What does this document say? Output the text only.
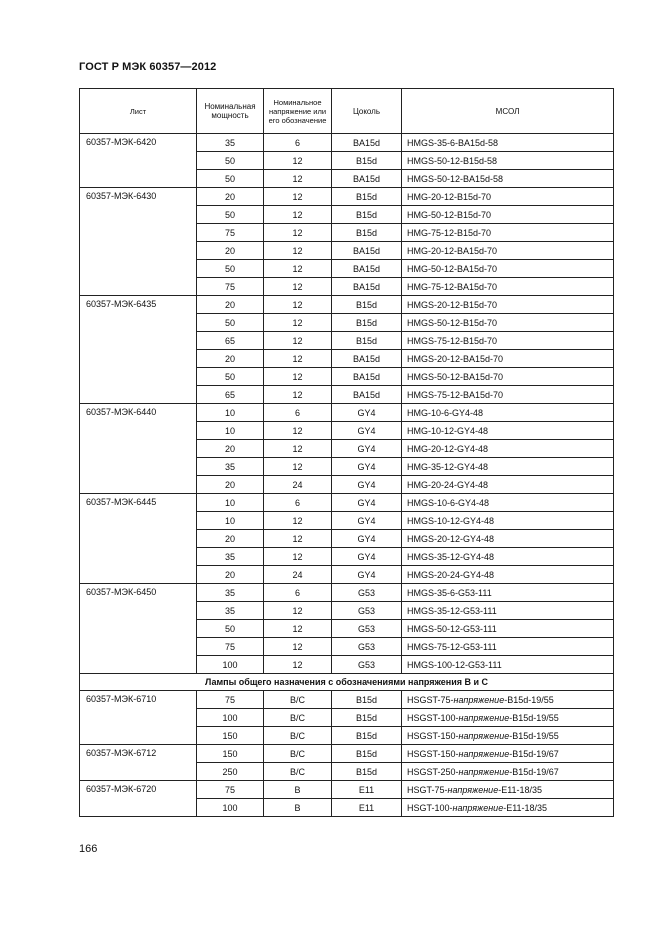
ГОСТ Р МЭК 60357—2012
Лист	Номинальная мощность	Номинальное напряжение или его обозначение	Цоколь	МСОЛ
60357-МЭК-6420	35	6	BA15d	HMGS-35-6-BA15d-58
	50	12	B15d	HMGS-50-12-B15d-58
	50	12	BA15d	HMGS-50-12-BA15d-58
60357-МЭК-6430	20	12	B15d	HMG-20-12-B15d-70
	50	12	B15d	HMG-50-12-B15d-70
	75	12	B15d	HMG-75-12-B15d-70
	20	12	BA15d	HMG-20-12-BA15d-70
	50	12	BA15d	HMG-50-12-BA15d-70
	75	12	BA15d	HMG-75-12-BA15d-70
60357-МЭК-6435	20	12	B15d	HMGS-20-12-B15d-70
	50	12	B15d	HMGS-50-12-B15d-70
	65	12	B15d	HMGS-75-12-B15d-70
	20	12	BA15d	HMGS-20-12-BA15d-70
	50	12	BA15d	HMGS-50-12-BA15d-70
	65	12	BA15d	HMGS-75-12-BA15d-70
60357-МЭК-6440	10	6	GY4	HMG-10-6-GY4-48
	10	12	GY4	HMG-10-12-GY4-48
	20	12	GY4	HMG-20-12-GY4-48
	35	12	GY4	HMG-35-12-GY4-48
	20	24	GY4	HMG-20-24-GY4-48
60357-МЭК-6445	10	6	GY4	HMGS-10-6-GY4-48
	10	12	GY4	HMGS-10-12-GY4-48
	20	12	GY4	HMGS-20-12-GY4-48
	35	12	GY4	HMGS-35-12-GY4-48
	20	24	GY4	HMGS-20-24-GY4-48
60357-МЭК-6450	35	6	G53	HMGS-35-6-G53-111
	35	12	G53	HMGS-35-12-G53-111
	50	12	G53	HMGS-50-12-G53-111
	75	12	G53	HMGS-75-12-G53-111
	100	12	G53	HMGS-100-12-G53-111
Лампы общего назначения с обозначениями напряжения B и C				
60357-МЭК-6710	75	B/C	B15d	HSGST-75-напряжение-B15d-19/55
	100	B/C	B15d	HSGST-100-напряжение-B15d-19/55
	150	B/C	B15d	HSGST-150-напряжение-B15d-19/55
60357-МЭК-6712	150	B/C	B15d	HSGST-150-напряжение-B15d-19/67
	250	B/C	B15d	HSGST-250-напряжение-B15d-19/67
60357-МЭК-6720	75	B	E11	HSGT-75-напряжение-E11-18/35
	100	B	E11	HSGT-100-напряжение-E11-18/35
166
